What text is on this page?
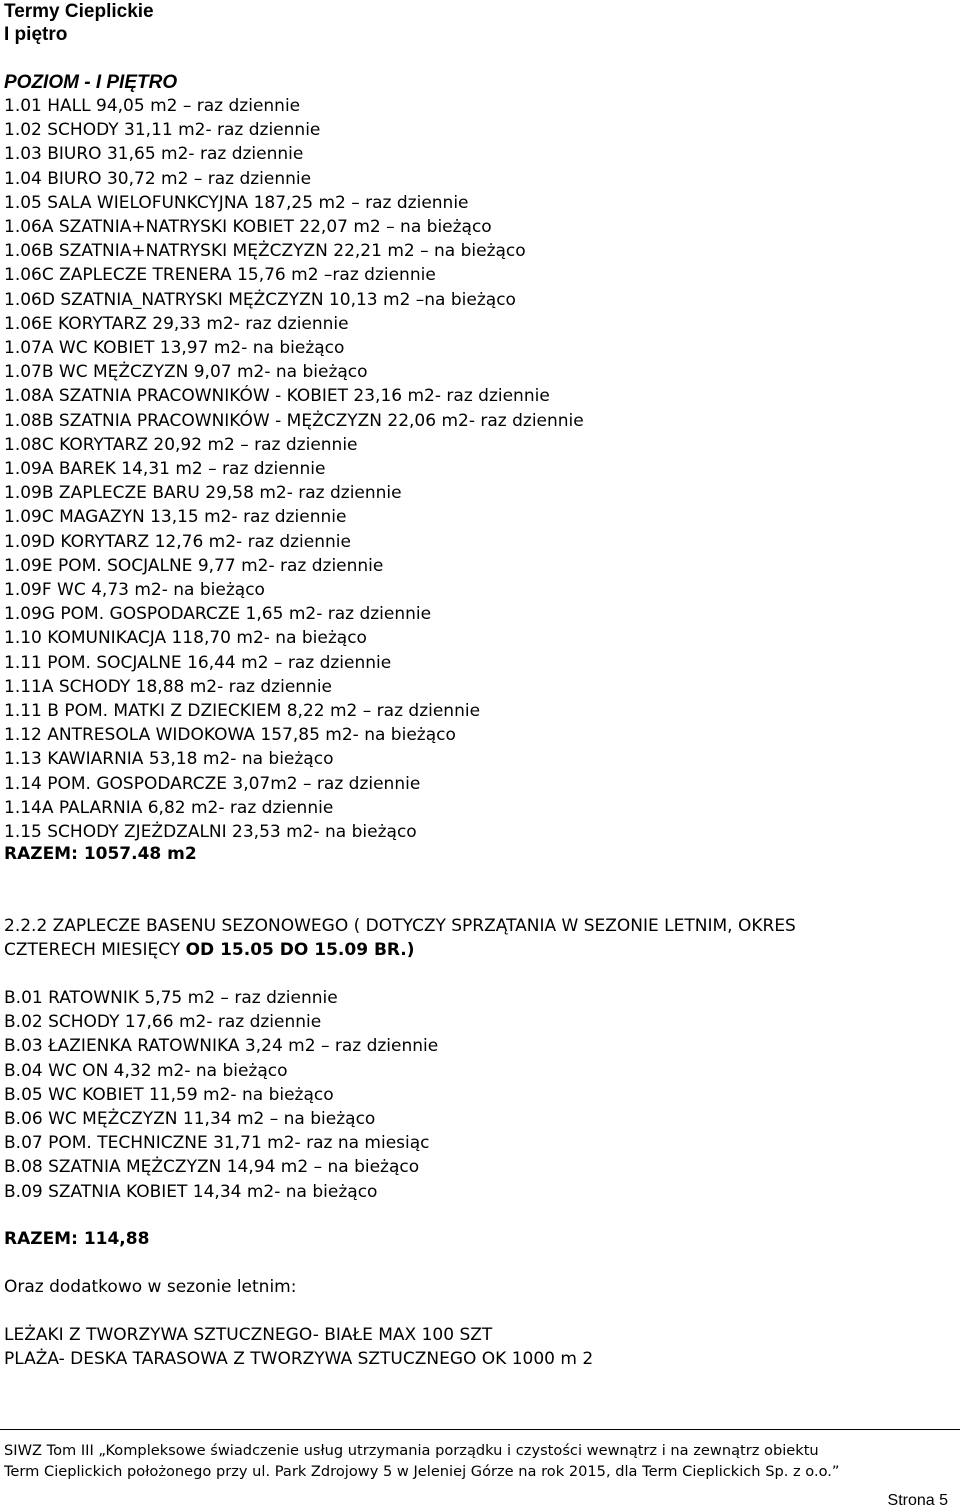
Termy Cieplickie
I piętro
POZIOM - I PIĘTRO
1.01 HALL 94,05 m2 – raz dziennie
1.02 SCHODY 31,11 m2- raz dziennie
1.03 BIURO 31,65 m2- raz dziennie
1.04 BIURO 30,72 m2 – raz dziennie
1.05 SALA WIELOFUNKCYJNA 187,25 m2 – raz dziennie
1.06A SZATNIA+NATRYSKI KOBIET 22,07 m2 – na bieżąco
1.06B SZATNIA+NATRYSKI MĘŻCZYZN 22,21 m2 – na bieżąco
1.06C ZAPLECZE TRENERA 15,76 m2 –raz dziennie
1.06D SZATNIA_NATRYSKI MĘŻCZYZN 10,13 m2 –na bieżąco
1.06E KORYTARZ 29,33 m2- raz dziennie
1.07A WC KOBIET 13,97 m2- na bieżąco
1.07B WC MĘŻCZYZN 9,07 m2- na bieżąco
1.08A SZATNIA PRACOWNIKÓW - KOBIET 23,16 m2- raz dziennie
1.08B SZATNIA PRACOWNIKÓW - MĘŻCZYZN 22,06 m2- raz dziennie
1.08C KORYTARZ 20,92 m2 – raz dziennie
1.09A BAREK 14,31 m2 – raz dziennie
1.09B ZAPLECZE BARU 29,58 m2- raz dziennie
1.09C MAGAZYN 13,15 m2- raz dziennie
1.09D KORYTARZ 12,76 m2- raz dziennie
1.09E POM. SOCJALNE 9,77 m2- raz dziennie
1.09F WC 4,73 m2- na bieżąco
1.09G POM. GOSPODARCZE 1,65 m2- raz dziennie
1.10 KOMUNIKACJA 118,70 m2- na bieżąco
1.11 POM. SOCJALNE 16,44 m2 – raz dziennie
1.11A SCHODY 18,88 m2- raz dziennie
1.11 B POM. MATKI Z DZIECKIEM 8,22 m2 – raz dziennie
1.12 ANTRESOLA WIDOKOWA 157,85 m2- na bieżąco
1.13 KAWIARNIA 53,18 m2- na bieżąco
1.14 POM. GOSPODARCZE 3,07m2 – raz dziennie
1.14A PALARNIA 6,82 m2- raz dziennie
1.15 SCHODY ZJEŻDZALNI 23,53 m2- na bieżąco
RAZEM: 1057.48 m2
2.2.2 ZAPLECZE BASENU SEZONOWEGO ( DOTYCZY SPRZĄTANIA W SEZONIE LETNIM, OKRES
CZTERECH MIESIĘCY OD 15.05 DO 15.09 BR.)
B.01 RATOWNIK 5,75 m2 – raz dziennie
B.02 SCHODY 17,66 m2- raz dziennie
B.03 ŁAZIENKA RATOWNIKA 3,24 m2 – raz dziennie
B.04 WC ON 4,32 m2- na bieżąco
B.05 WC KOBIET 11,59 m2- na bieżąco
B.06 WC MĘŻCZYZN 11,34 m2 – na bieżąco
B.07 POM. TECHNICZNE 31,71 m2- raz na miesiąc
B.08 SZATNIA MĘŻCZYZN 14,94 m2 – na bieżąco
B.09 SZATNIA KOBIET 14,34 m2- na bieżąco
RAZEM: 114,88
Oraz dodatkowo w sezonie letnim:
LEŻAKI Z TWORZYWA SZTUCZNEGO- BIAŁE MAX 100 SZT
PLAŻA- DESKA TARASOWA Z TWORZYWA SZTUCZNEGO OK 1000 m 2
SIWZ Tom III „Kompleksowe świadczenie usług utrzymania porządku i czystości wewnątrz i na zewnątrz obiektu
Term Cieplickich położonego przy ul. Park Zdrojowy 5 w Jeleniej Górze na rok 2015, dla Term Cieplickich Sp. z o.o.”
Strona 5
